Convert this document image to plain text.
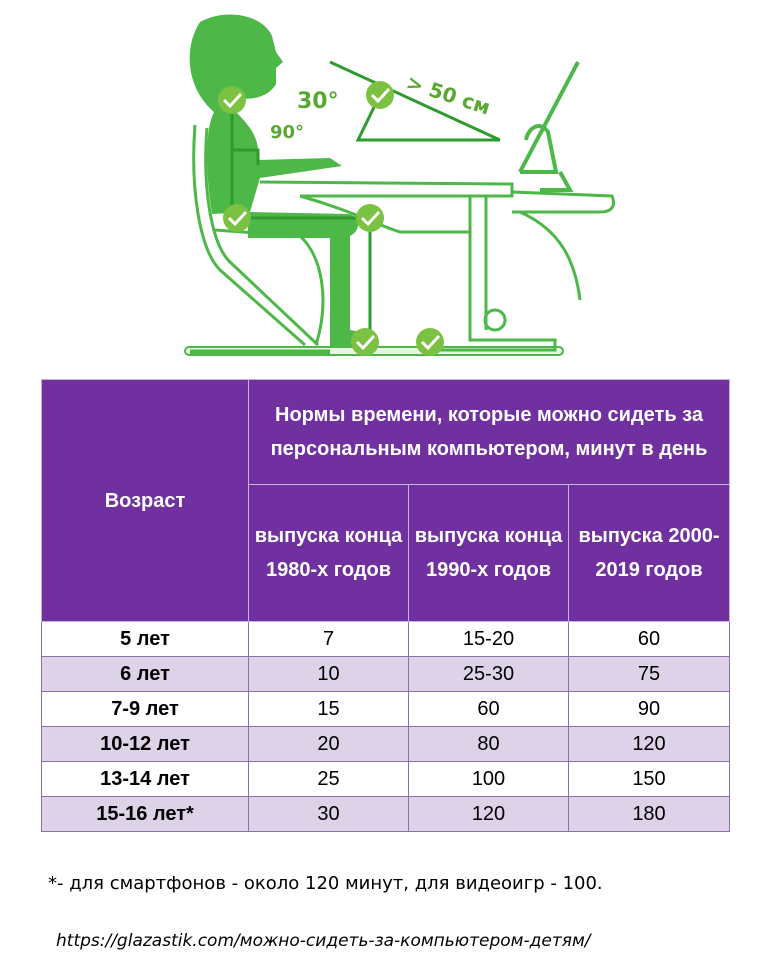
30°
90°
> 50 см
Возраст	Нормы времени, которые можно сидеть за персональным компьютером, минут в день		
	выпуска конца 1980-х годов	выпуска конца 1990-х годов	выпуска 2000-2019 годов
5 лет	7	15-20	60
6 лет	10	25-30	75
7-9 лет	15	60	90
10-12 лет	20	80	120
13-14 лет	25	100	150
15-16 лет*	30	120	180

*- для смартфонов - около 120 минут, для видеоигр - 100.

https://glazastik.com/можно-сидеть-за-компьютером-детям/
